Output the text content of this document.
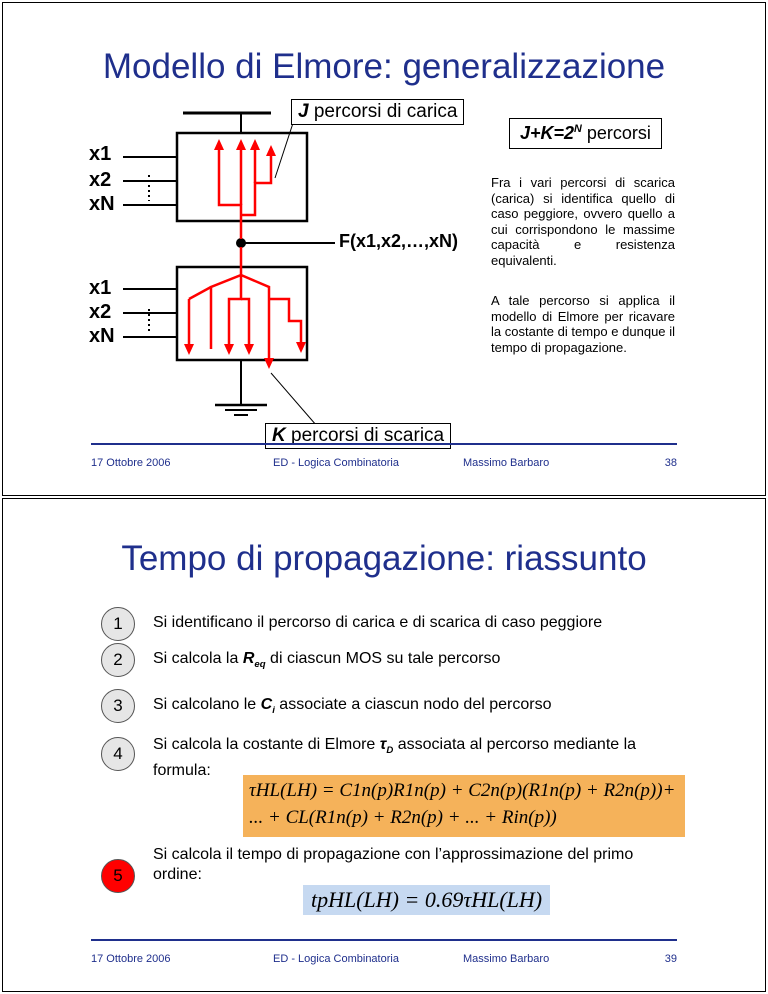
Modello di Elmore: generalizzazione
x1
x2
xN
x1
x2
xN
F(x1,x2,…,xN)
J percorsi di carica
$J+K=2^N$ percorsi
K percorsi di scarica
Fra i vari percorsi di scarica (carica) si identifica quello di caso peggiore, ovvero quello a cui corrispondono le massime capacità e resistenza equivalenti.
A tale percorso si applica il modello di Elmore per ricavare la costante di tempo e dunque il tempo di propagazione.
17 Ottobre 2006	ED - Logica Combinatoria	Massimo Barbaro	38
Tempo di propagazione: riassunto
1	Si identificano il percorso di carica e di scarica di caso peggiore
2	Si calcola la $R_{eq}$ di ciascun MOS su tale percorso
3	Si calcolano le $C_i$ associate a ciascun nodo del percorso
4	Si calcola la costante di Elmore $\tau_D$ associata al percorso mediante la formula:
τHL(LH) = C1n(p)R1n(p) + C2n(p)(R1n(p) + R2n(p))+
... + CL(R1n(p) + R2n(p) + ... + Rin(p))
5
Si calcola il tempo di propagazione con l’approssimazione del primo ordine:
tpHL(LH) = 0.69τHL(LH)
17 Ottobre 2006	ED - Logica Combinatoria	Massimo Barbaro	39
